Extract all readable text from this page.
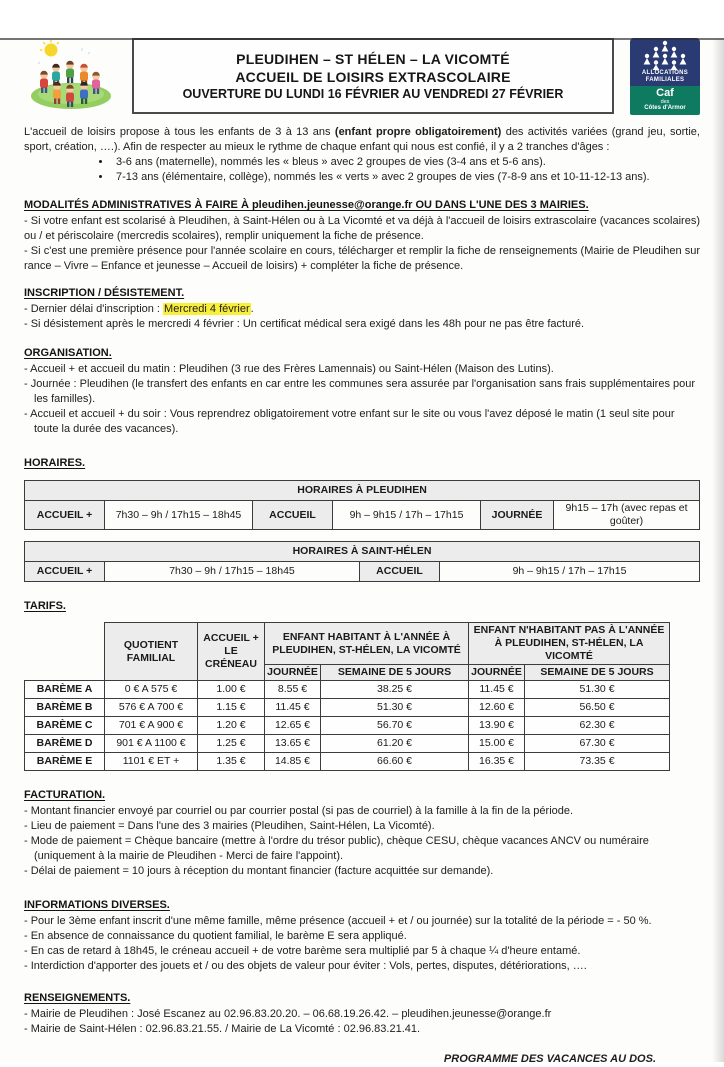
PLEUDIHEN – ST HÉLEN – LA VICOMTÉ
ACCUEIL DE LOISIRS EXTRASCOLAIRE
OUVERTURE DU LUNDI 16 FÉVRIER AU VENDREDI 27 FÉVRIER
ALLOCATIONS
FAMILIALES
Caf
des
Côtes d'Armor
L'accueil de loisirs propose à tous les enfants de 3 à 13 ans (enfant propre obligatoirement) des activités variées (grand jeu, sortie, sport, création, ….). Afin de respecter au mieux le rythme de chaque enfant qui nous est confié, il y a 2 tranches d'âges :
• 3-6 ans (maternelle), nommés les « bleus » avec 2 groupes de vies (3-4 ans et 5-6 ans).
• 7-13 ans (élémentaire, collège), nommés les « verts » avec 2 groupes de vies (7-8-9 ans et 10-11-12-13 ans).
MODALITÉS ADMINISTRATIVES À FAIRE À pleudihen.jeunesse@orange.fr OU DANS L'UNE DES 3 MAIRIES.
- Si votre enfant est scolarisé à Pleudihen, à Saint-Hélen ou à La Vicomté et va déjà à l'accueil de loisirs extrascolaire (vacances scolaires) ou / et périscolaire (mercredis scolaires), remplir uniquement la fiche de présence.
- Si c'est une première présence pour l'année scolaire en cours, télécharger et remplir la fiche de renseignements (Mairie de Pleudihen sur rance – Vivre – Enfance et jeunesse – Accueil de loisirs) + compléter la fiche de présence.
INSCRIPTION / DÉSISTEMENT.
- Dernier délai d'inscription : Mercredi 4 février.
- Si désistement après le mercredi 4 février : Un certificat médical sera exigé dans les 48h pour ne pas être facturé.
ORGANISATION.
- Accueil + et accueil du matin : Pleudihen (3 rue des Frères Lamennais) ou Saint-Hélen (Maison des Lutins).
- Journée : Pleudihen (le transfert des enfants en car entre les communes sera assurée par l'organisation sans frais supplémentaires pour les familles).
- Accueil et accueil + du soir : Vous reprendrez obligatoirement votre enfant sur le site ou vous l'avez déposé le matin (1 seul site pour toute la durée des vacances).
HORAIRES.
HORAIRES À PLEUDIHEN
ACCUEIL +	7h30 – 9h / 17h15 – 18h45	ACCUEIL	9h – 9h15 / 17h – 17h15	JOURNÉE	9h15 – 17h (avec repas et goûter)
HORAIRES À SAINT-HÉLEN
ACCUEIL +	7h30 – 9h / 17h15 – 18h45	ACCUEIL	9h – 9h15 / 17h – 17h15
TARIFS.
	QUOTIENT FAMILIAL	ACCUEIL + LE CRÉNEAU	ENFANT HABITANT À L'ANNÉE À PLEUDIHEN, ST-HÉLEN, LA VICOMTÉ		ENFANT N'HABITANT PAS À L'ANNÉE À PLEUDIHEN, ST-HÉLEN, LA VICOMTÉ	
			JOURNÉE	SEMAINE DE 5 JOURS	JOURNÉE	SEMAINE DE 5 JOURS
BARÈME A	0 € A 575 €	1.00 €	8.55 €	38.25 €	11.45 €	51.30 €
BARÈME B	576 € A 700 €	1.15 €	11.45 €	51.30 €	12.60 €	56.50 €
BARÈME C	701 € A 900 €	1.20 €	12.65 €	56.70 €	13.90 €	62.30 €
BARÈME D	901 € A 1100 €	1.25 €	13.65 €	61.20 €	15.00 €	67.30 €
BARÈME E	1101 € ET +	1.35 €	14.85 €	66.60 €	16.35 €	73.35 €
FACTURATION.
- Montant financier envoyé par courriel ou par courrier postal (si pas de courriel) à la famille à la fin de la période.
- Lieu de paiement = Dans l'une des 3 mairies (Pleudihen, Saint-Hélen, La Vicomté).
- Mode de paiement = Chèque bancaire (mettre à l'ordre du trésor public), chèque CESU, chèque vacances ANCV ou numéraire (uniquement à la mairie de Pleudihen - Merci de faire l'appoint).
- Délai de paiement = 10 jours à réception du montant financier (facture acquittée sur demande).
INFORMATIONS DIVERSES.
- Pour le 3ème enfant inscrit d'une même famille, même présence (accueil + et / ou journée) sur la totalité de la période = - 50 %.
- En absence de connaissance du quotient familial, le barème E sera appliqué.
- En cas de retard à 18h45, le créneau accueil + de votre barème sera multiplié par 5 à chaque ¼ d'heure entamé.
- Interdiction d'apporter des jouets et / ou des objets de valeur pour éviter : Vols, pertes, disputes, détériorations, ….
RENSEIGNEMENTS.
- Mairie de Pleudihen : José Escanez au 02.96.83.20.20. – 06.68.19.26.42. – pleudihen.jeunesse@orange.fr
- Mairie de Saint-Hélen : 02.96.83.21.55. / Mairie de La Vicomté : 02.96.83.21.41.
PROGRAMME DES VACANCES AU DOS.
